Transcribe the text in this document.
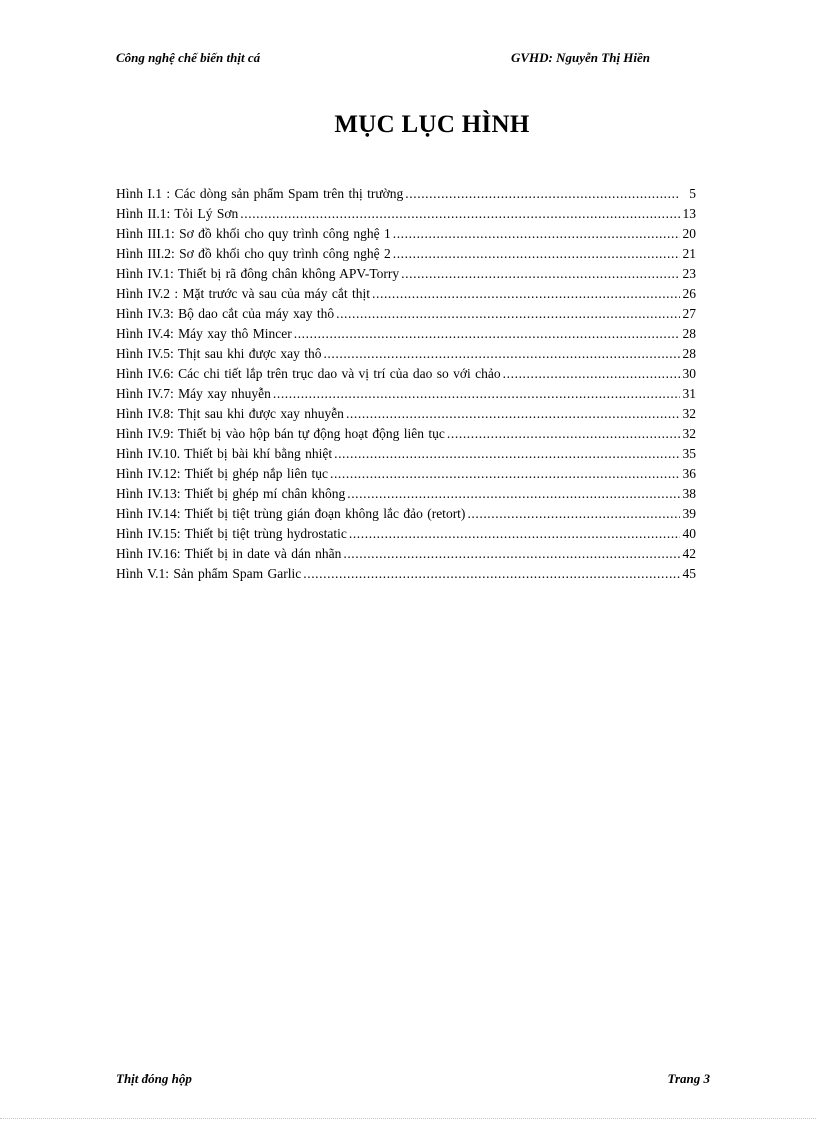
Công nghệ chế biến thịt cá	GVHD: Nguyễn Thị Hiền
MỤC LỤC HÌNH
Hình I.1 : Các dòng sản phẩm Spam trên thị trường .....	5
Hình II.1: Tỏi Lý Sơn .....	13
Hình III.1: Sơ đồ khối cho quy trình công nghệ 1 .....	20
Hình III.2: Sơ đồ khối cho quy trình công nghệ 2 .....	21
Hình IV.1: Thiết bị rã đông chân không APV-Torry .....	23
Hình IV.2 : Mặt trước và sau của máy cắt thịt .....	26
Hình IV.3: Bộ dao cắt của máy xay thô .....	27
Hình IV.4: Máy xay thô Mincer .....	28
Hình IV.5: Thịt sau khi được xay thô .....	28
Hình IV.6: Các chi tiết lắp trên trục dao và vị trí của dao so với chảo .....	30
Hình IV.7: Máy xay nhuyễn .....	31
Hình IV.8: Thịt sau khi được xay nhuyễn .....	32
Hình IV.9: Thiết bị vào hộp bán tự động hoạt động liên tục .....	32
Hình IV.10. Thiết bị bài khí bằng nhiệt .....	35
Hình IV.12: Thiết bị ghép nắp liên tục .....	36
Hình IV.13: Thiết bị ghép mí chân không .....	38
Hình IV.14: Thiết bị tiệt trùng gián đoạn không lắc đảo (retort) .....	39
Hình IV.15: Thiết bị tiệt trùng hydrostatic .....	40
Hình IV.16: Thiết bị in date và dán nhãn .....	42
Hình V.1: Sản phẩm Spam Garlic .....	45
Thịt đóng hộp	Trang 3
